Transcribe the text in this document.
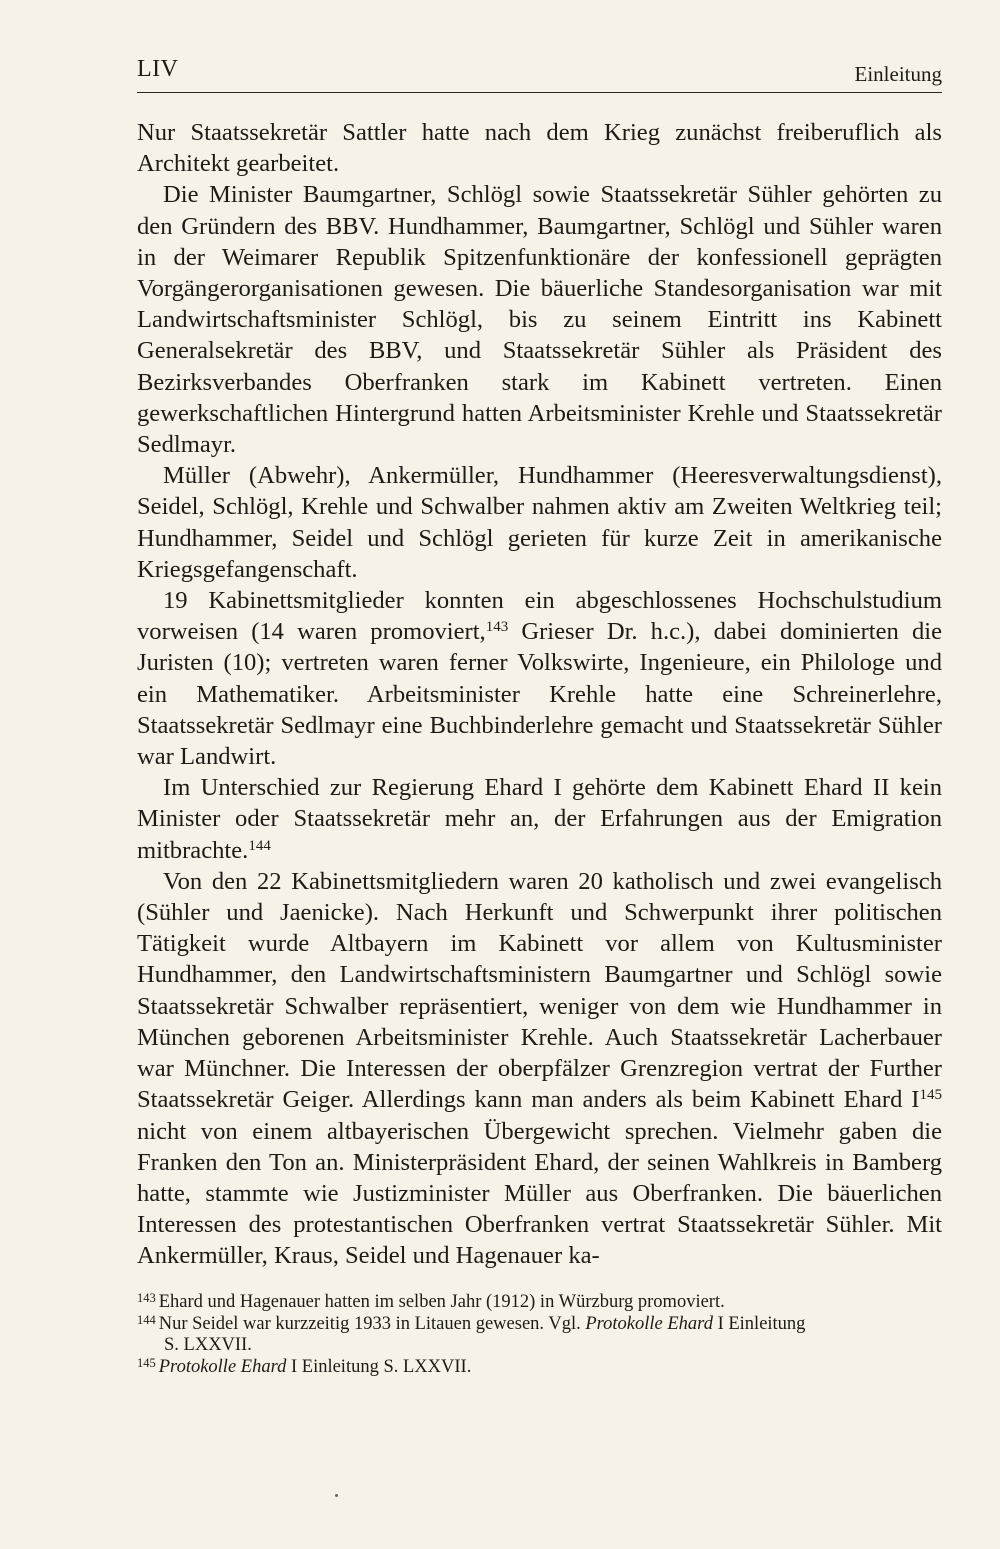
LIV	Einleitung

Nur Staatssekretär Sattler hatte nach dem Krieg zunächst freiberuflich als Architekt gearbeitet.

Die Minister Baumgartner, Schlögl sowie Staatssekretär Sühler gehörten zu den Gründern des BBV. Hundhammer, Baumgartner, Schlögl und Sühler waren in der Weimarer Republik Spitzenfunktionäre der konfessionell geprägten Vorgängerorganisationen gewesen. Die bäuerliche Standesorganisation war mit Landwirtschaftsminister Schlögl, bis zu seinem Eintritt ins Kabinett Generalsekretär des BBV, und Staatssekretär Sühler als Präsident des Bezirksverbandes Oberfranken stark im Kabinett vertreten. Einen gewerkschaftlichen Hintergrund hatten Arbeitsminister Krehle und Staatssekretär Sedlmayr.

Müller (Abwehr), Ankermüller, Hundhammer (Heeresverwaltungsdienst), Seidel, Schlögl, Krehle und Schwalber nahmen aktiv am Zweiten Weltkrieg teil; Hundhammer, Seidel und Schlögl gerieten für kurze Zeit in amerikanische Kriegsgefangenschaft.

19 Kabinettsmitglieder konnten ein abgeschlossenes Hochschulstudium vorweisen (14 waren promoviert,$^{143}$ Grieser Dr. h.c.), dabei dominierten die Juristen (10); vertreten waren ferner Volkswirte, Ingenieure, ein Philologe und ein Mathematiker. Arbeitsminister Krehle hatte eine Schreinerlehre, Staatssekretär Sedlmayr eine Buchbinderlehre gemacht und Staatssekretär Sühler war Landwirt.

Im Unterschied zur Regierung Ehard I gehörte dem Kabinett Ehard II kein Minister oder Staatssekretär mehr an, der Erfahrungen aus der Emigration mitbrachte.$^{144}$

Von den 22 Kabinettsmitgliedern waren 20 katholisch und zwei evangelisch (Sühler und Jaenicke). Nach Herkunft und Schwerpunkt ihrer politischen Tätigkeit wurde Altbayern im Kabinett vor allem von Kultusminister Hundhammer, den Landwirtschaftsministern Baumgartner und Schlögl sowie Staatssekretär Schwalber repräsentiert, weniger von dem wie Hundhammer in München geborenen Arbeitsminister Krehle. Auch Staatssekretär Lacherbauer war Münchner. Die Interessen der oberpfälzer Grenzregion vertrat der Further Staatssekretär Geiger. Allerdings kann man anders als beim Kabinett Ehard I$^{145}$ nicht von einem altbayerischen Übergewicht sprechen. Vielmehr gaben die Franken den Ton an. Ministerpräsident Ehard, der seinen Wahlkreis in Bamberg hatte, stammte wie Justizminister Müller aus Oberfranken. Die bäuerlichen Interessen des protestantischen Oberfranken vertrat Staatssekretär Sühler. Mit Ankermüller, Kraus, Seidel und Hagenauer ka-

$^{143}$ Ehard und Hagenauer hatten im selben Jahr (1912) in Würzburg promoviert.

$^{144}$ Nur Seidel war kurzzeitig 1933 in Litauen gewesen. Vgl. Protokolle Ehard I Einleitung

S. LXXVII.

$^{145}$ Protokolle Ehard I Einleitung S. LXXVII.
